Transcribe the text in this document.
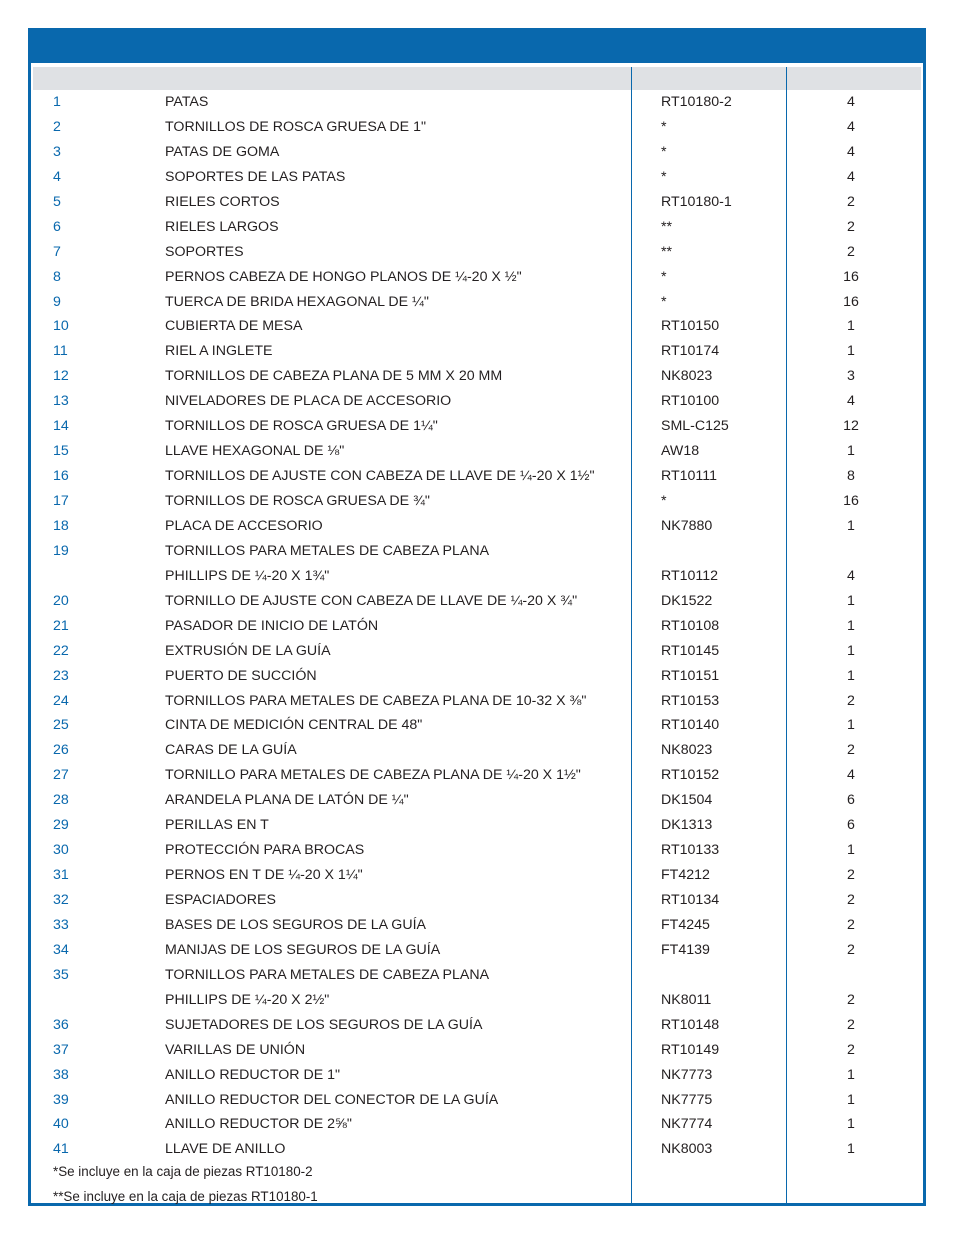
1	PATAS	RT10180-2	4
2	TORNILLOS DE ROSCA GRUESA DE 1"	*	4
3	PATAS DE GOMA	*	4
4	SOPORTES DE LAS PATAS	*	4
5	RIELES CORTOS	RT10180-1	2
6	RIELES LARGOS	**	2
7	SOPORTES	**	2
8	PERNOS CABEZA DE HONGO PLANOS DE ¼-20 X ½"	*	16
9	TUERCA DE BRIDA HEXAGONAL DE ¼"	*	16
10	CUBIERTA DE MESA	RT10150	1
11	RIEL A INGLETE	RT10174	1
12	TORNILLOS DE CABEZA PLANA DE 5 MM X 20 MM	NK8023	3
13	NIVELADORES DE PLACA DE ACCESORIO	RT10100	4
14	TORNILLOS DE ROSCA GRUESA DE 1¼"	SML-C125	12
15	LLAVE HEXAGONAL DE ⅛"	AW18	1
16	TORNILLOS DE AJUSTE CON CABEZA DE LLAVE DE ¼-20 X 1½"	RT10111	8
17	TORNILLOS DE ROSCA GRUESA DE ¾"	*	16
18	PLACA DE ACCESORIO	NK7880	1
19	TORNILLOS PARA METALES DE CABEZA PLANA
PHILLIPS DE ¼-20 X 1¾"	RT10112	4
20	TORNILLO DE AJUSTE CON CABEZA DE LLAVE DE ¼-20 X ¾"	DK1522	1
21	PASADOR DE INICIO DE LATÓN	RT10108	1
22	EXTRUSIÓN DE LA GUÍA	RT10145	1
23	PUERTO DE SUCCIÓN	RT10151	1
24	TORNILLOS PARA METALES DE CABEZA PLANA DE 10-32 X ⅜"	RT10153	2
25	CINTA DE MEDICIÓN CENTRAL DE 48"	RT10140	1
26	CARAS DE LA GUÍA	NK8023	2
27	TORNILLO PARA METALES DE CABEZA PLANA DE ¼-20 X 1½"	RT10152	4
28	ARANDELA PLANA DE LATÓN DE ¼"	DK1504	6
29	PERILLAS EN T	DK1313	6
30	PROTECCIÓN PARA BROCAS	RT10133	1
31	PERNOS EN T DE ¼-20 X 1¼"	FT4212	2
32	ESPACIADORES	RT10134	2
33	BASES DE LOS SEGUROS DE LA GUÍA	FT4245	2
34	MANIJAS DE LOS SEGUROS DE LA GUÍA	FT4139	2
35	TORNILLOS PARA METALES DE CABEZA PLANA
PHILLIPS DE ¼-20 X 2½"	NK8011	2
36	SUJETADORES DE LOS SEGUROS DE LA GUÍA	RT10148	2
37	VARILLAS DE UNIÓN	RT10149	2
38	ANILLO REDUCTOR DE 1"	NK7773	1
39	ANILLO REDUCTOR DEL CONECTOR DE LA GUÍA	NK7775	1
40	ANILLO REDUCTOR DE 2⅝"	NK7774	1
41	LLAVE DE ANILLO	NK8003	1
*Se incluye en la caja de piezas RT10180-2
**Se incluye en la caja de piezas RT10180-1
